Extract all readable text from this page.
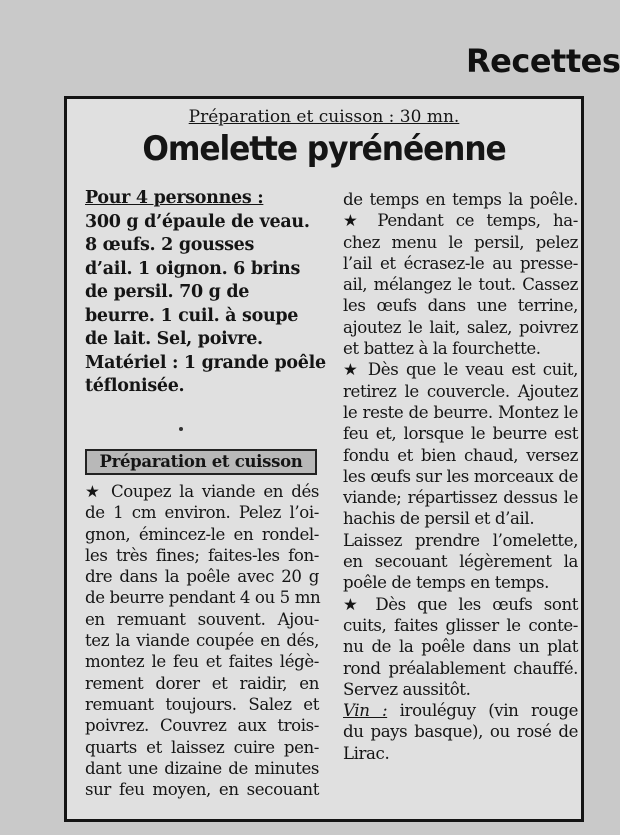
Recettes
Préparation et cuisson : 30 mn.
Omelette pyrénéenne
Pour 4 personnes :
300 g d’épaule de veau.
8 œufs. 2 gousses
d’ail. 1 oignon. 6 brins
de persil. 70 g de
beurre. 1 cuil. à soupe
de lait. Sel, poivre.
Matériel : 1 grande poêle
téflonisée.
Préparation et cuisson
★ Coupez la viande en dés
de 1 cm environ. Pelez l’oi-
gnon, émincez-le en rondel-
les très fines; faites-les fon-
dre dans la poêle avec 20 g
de beurre pendant 4 ou 5 mn
en remuant souvent. Ajou-
tez la viande coupée en dés,
montez le feu et faites légè-
rement dorer et raidir, en
remuant toujours. Salez et
poivrez. Couvrez aux trois-
quarts et laissez cuire pen-
dant une dizaine de minutes
sur feu moyen, en secouant
de temps en temps la poêle.
★ Pendant ce temps, ha-
chez menu le persil, pelez
l’ail et écrasez-le au presse-
ail, mélangez le tout. Cassez
les œufs dans une terrine,
ajoutez le lait, salez, poivrez
et battez à la fourchette.
★ Dès que le veau est cuit,
retirez le couvercle. Ajoutez
le reste de beurre. Montez le
feu et, lorsque le beurre est
fondu et bien chaud, versez
les œufs sur les morceaux de
viande; répartissez dessus le
hachis de persil et d’ail.
Laissez prendre l’omelette,
en secouant légèrement la
poêle de temps en temps.
★ Dès que les œufs sont
cuits, faites glisser le conte-
nu de la poêle dans un plat
rond préalablement chauffé.
Servez aussitôt.
Vin : irouléguy (vin rouge
du pays basque), ou rosé de
Lirac.
